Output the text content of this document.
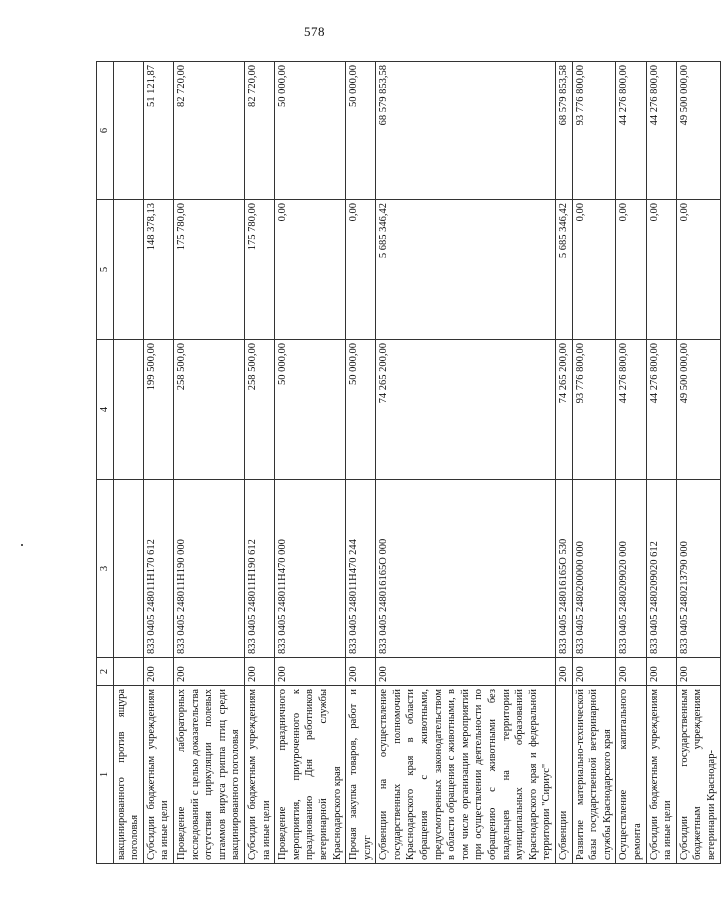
578
1	2	3	4	5	6
вакцинированного против ящура поголовья					
Субсидии бюджетным учреждениям на иные цели	200	833 0405 248011Н170 612	199 500,00	148 378,13	51 121,87
Проведение лабораторных исследований с целью доказательства отсутствия циркуляции полевых штаммов вируса гриппа птиц среди вакцинированного поголовья	200	833 0405 248011Н190 000	258 500,00	175 780,00	82 720,00
Субсидии бюджетным учреждениям на иные цели	200	833 0405 248011Н190 612	258 500,00	175 780,00	82 720,00
Проведение праздничного мероприятия, приуроченного к празднованию Дня работников ветеринарной службы Краснодарского края	200	833 0405 248011Н470 000	50 000,00	0,00	50 000,00
Прочая закупка товаров, работ и услуг	200	833 0405 248011Н470 244	50 000,00	0,00	50 000,00
Субвенции на осуществление государственных полномочий Краснодарского края в области обращения с животными, предусмотренных законодательством в области обращения с животными, в том числе организации мероприятий при осуществлении деятельности по обращению с животными без владельцев на территории муниципальных образований Краснодарского края и федеральной территории "Сириус"	200	833 0405 248016165О 000	74 265 200,00	5 685 346,42	68 579 853,58
Субвенции	200	833 0405 248016165О 530	74 265 200,00	5 685 346,42	68 579 853,58
Развитие материально-технической базы государственной ветеринарной службы Краснодарского края	200	833 0405 2480200000 000	93 776 800,00	0,00	93 776 800,00
Осуществление капитального ремонта	200	833 0405 2480209020 000	44 276 800,00	0,00	44 276 800,00
Субсидии бюджетным учреждениям на иные цели	200	833 0405 2480209020 612	44 276 800,00	0,00	44 276 800,00
Субсидии государственным бюджетным учреждениям ветеринарии Краснодар-	200	833 0405 248021З790 000	49 500 000,00	0,00	49 500 000,00
